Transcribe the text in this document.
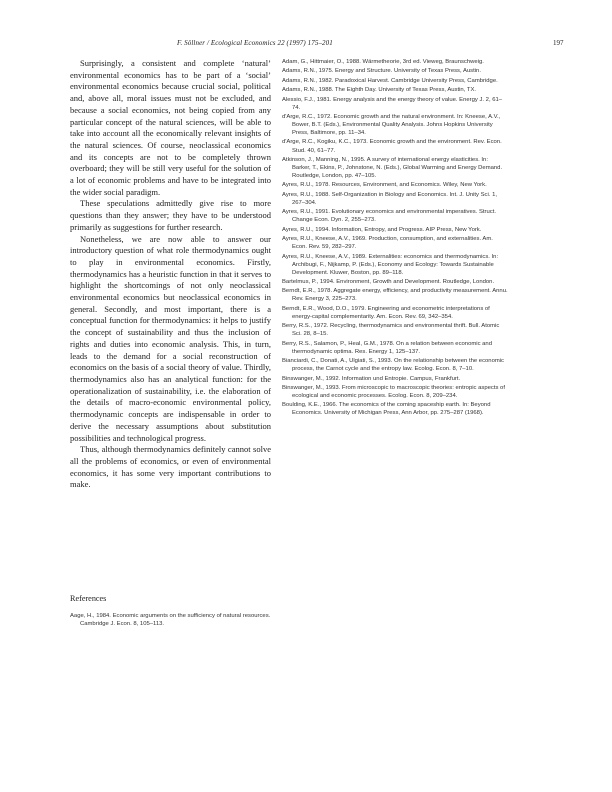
F. Söllner / Ecological Economics 22 (1997) 175–201	197

Surprisingly, a consistent and complete ‘natural’ environmental economics has to be part of a ‘social’ environmental economics because crucial social, political and, above all, moral issues must not be excluded, and because a social economics, not being copied from any particular concept of the natural sciences, will be able to take into account all the economically relevant insights of the natural sciences. Of course, neoclassical economics and its concepts are not to be completely thrown overboard; they will be still very useful for the solution of a lot of economic problems and have to be integrated into the wider social paradigm.

These speculations admittedly give rise to more questions than they answer; they have to be understood primarily as suggestions for further research.

Nonetheless, we are now able to answer our introductory question of what role thermodynamics ought to play in environmental economics. Firstly, thermodynamics has a heuristic function in that it serves to highlight the shortcomings of not only neoclassical environmental economics but neoclassical economics in general. Secondly, and most important, there is a conceptual function for thermodynamics: it helps to justify the concept of sustainability and thus the inclusion of rights and duties into economic analysis. This, in turn, leads to the demand for a social reconstruction of economics on the basis of a social theory of value. Thirdly, thermodynamics also has an analytical function: for the operationalization of sustainability, i.e. the elaboration of the details of macro-economic environmental policy, thermodynamic concepts are indispensable in order to derive the necessary assumptions about substitution possibilities and technological progress.

Thus, although thermodynamics definitely cannot solve all the problems of economics, or even of environmental economics, it has some very important contributions to make.

References

Aage, H., 1984. Economic arguments on the sufficiency of natural resources. Cambridge J. Econ. 8, 105–113.

Adam, G., Hittmaier, O., 1988. Wärmetheorie, 3rd ed. Vieweg, Braunschweig.

Adams, R.N., 1975. Energy and Structure. University of Texas Press, Austin.

Adams, R.N., 1982. Paradoxical Harvest. Cambridge University Press, Cambridge.

Adams, R.N., 1988. The Eighth Day. University of Texas Press, Austin, TX.

Alessio, F.J., 1981. Energy analysis and the energy theory of value. Energy J. 2, 61–74.

d'Arge, R.C., 1972. Economic growth and the natural environment. In: Kneese, A.V., Bower, B.T. (Eds.), Environmental Quality Analysis. Johns Hopkins University Press, Baltimore, pp. 11–34.

d'Arge, R.C., Kogiku, K.C., 1973. Economic growth and the environment. Rev. Econ. Stud. 40, 61–77.

Atkinson, J., Manning, N., 1995. A survey of international energy elasticities. In: Barker, T., Ekins, P., Johnstone, N. (Eds.), Global Warming and Energy Demand. Routledge, London, pp. 47–105.

Ayres, R.U., 1978. Resources, Environment, and Economics. Wiley, New York.

Ayres, R.U., 1988. Self-Organization in Biology and Economics. Int. J. Unity Sci. 1, 267–304.

Ayres, R.U., 1991. Evolutionary economics and environmental imperatives. Struct. Change Econ. Dyn. 2, 255–273.

Ayres, R.U., 1994. Information, Entropy, and Progress. AIP Press, New York.

Ayres, R.U., Kneese, A.V., 1969. Production, consumption, and externalities. Am. Econ. Rev. 59, 282–297.

Ayres, R.U., Kneese, A.V., 1989. Externalities: economics and thermodynamics. In: Archibugi, F., Nijkamp, P. (Eds.), Economy and Ecology: Towards Sustainable Development. Kluwer, Boston, pp. 89–118.

Bartelmus, P., 1994. Environment, Growth and Development. Routledge, London.

Berndt, E.R., 1978. Aggregate energy, efficiency, and productivity measurement. Annu. Rev. Energy 3, 225–273.

Berndt, E.R., Wood, D.O., 1979. Engineering and econometric interpretations of energy-capital complementarity. Am. Econ. Rev. 69, 342–354.

Berry, R.S., 1972. Recycling, thermodynamics and environmental thrift. Bull. Atomic Sci. 28, 8–15.

Berry, R.S., Salamon, P., Heal, G.M., 1978. On a relation between economic and thermodynamic optima. Res. Energy 1, 125–137.

Bianciardi, C., Donati, A., Ulgiati, S., 1993. On the relationship between the economic process, the Carnot cycle and the entropy law. Ecolog. Econ. 8, 7–10.

Binswanger, M., 1992. Information und Entropie. Campus, Frankfurt.

Binswanger, M., 1993. From microscopic to macroscopic theories: entropic aspects of ecological and economic processes. Ecolog. Econ. 8, 209–234.

Boulding, K.E., 1966. The economics of the coming spaceship earth. In: Beyond Economics. University of Michigan Press, Ann Arbor, pp. 275–287 (1968).
